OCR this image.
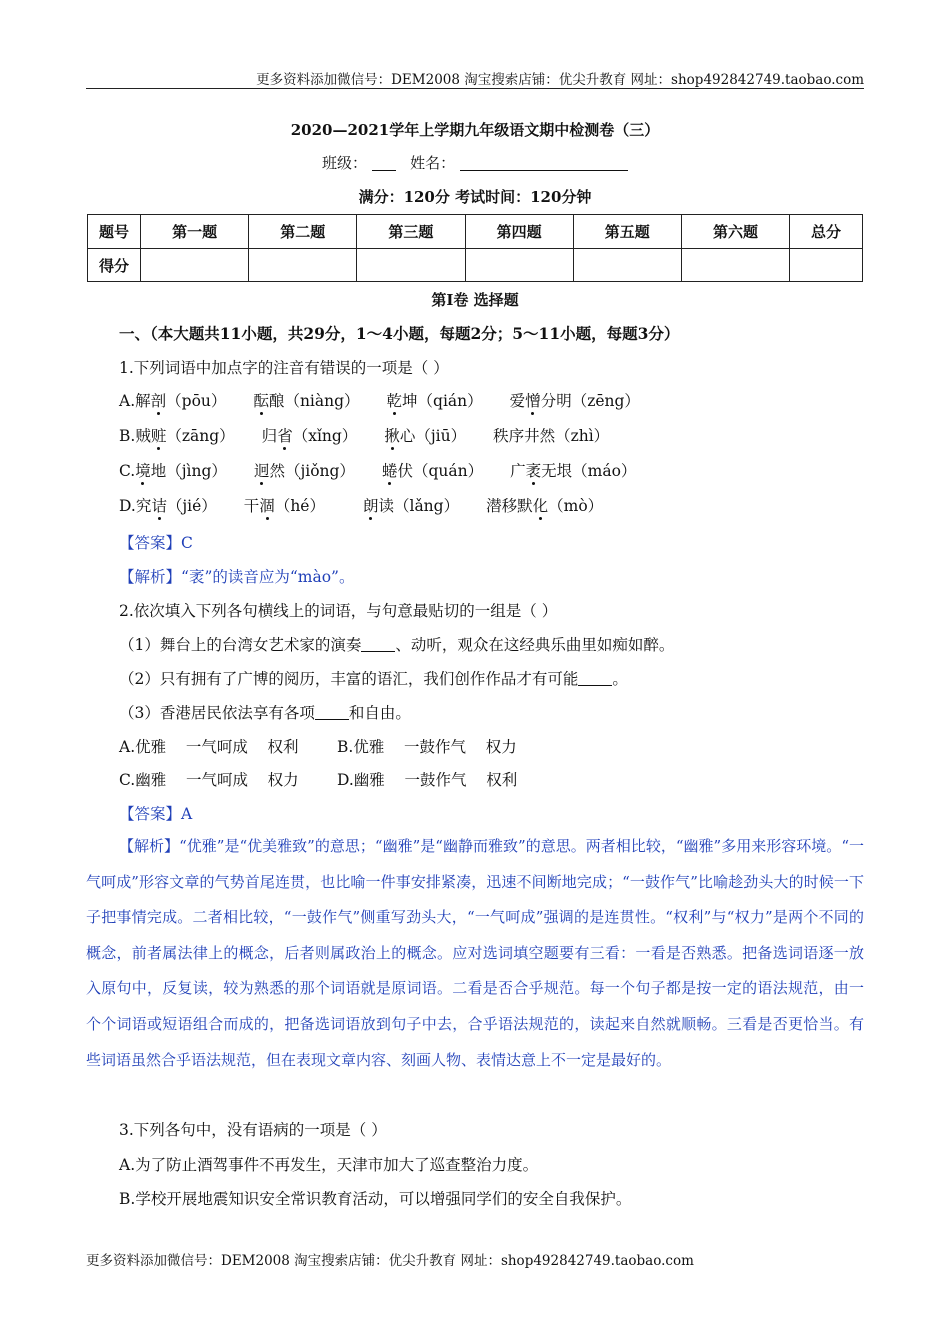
更多资料添加微信号：DEM2008 淘宝搜索店铺：优尖升教育 网址：shop492842749.taobao.com
2020—2021学年上学期九年级语文期中检测卷（三）
班级：	姓名：
满分：120分 考试时间：120分钟
题号	第一题	第二题	第三题	第四题	第五题	第六题	总分
得分							
第Ⅰ卷 选择题
一、（本大题共11小题，共29分，1～4小题，每题2分；5～11小题，每题3分）
1.下列词语中加点字的注音有错误的一项是（ ）
A.解剖（pōu） 酝酿（niàng） 乾坤（qián） 爱憎分明（zēng）
B.贼赃（zāng） 归省（xǐng） 揪心（jiū） 秩序井然（zhì）
C.境地（jìng） 迥然（jiǒng） 蜷伏（quán） 广袤无垠（máo）
D.究诘（jié） 干涸（hé） 朗读（lǎng） 潜移默化（mò）
【答案】C
【解析】“袤”的读音应为“mào”。
2.依次填入下列各句横线上的词语，与句意最贴切的一组是（ ）
（1）舞台上的台湾女艺术家的演奏 、动听，观众在这经典乐曲里如痴如醉。
（2）只有拥有了广博的阅历，丰富的语汇，我们创作作品才有可能 。
（3）香港居民依法享有各项 和自由。
A.优雅    一气呵成    权利 B.优雅    一鼓作气    权力
C.幽雅    一气呵成    权力 D.幽雅    一鼓作气    权利
【答案】A
【解析】“优雅”是“优美雅致”的意思；“幽雅”是“幽静而雅致”的意思。两者相比较，“幽雅”多用来形容环境。“一气呵成”形容文章的气势首尾连贯，也比喻一件事安排紧凑，迅速不间断地完成；“一鼓作气”比喻趁劲头大的时候一下子把事情完成。二者相比较，“一鼓作气”侧重写劲头大，“一气呵成”强调的是连贯性。“权利”与“权力”是两个不同的概念，前者属法律上的概念，后者则属政治上的概念。应对选词填空题要有三看：一看是否熟悉。把备选词语逐一放入原句中，反复读，较为熟悉的那个词语就是原词语。二看是否合乎规范。每一个句子都是按一定的语法规范，由一个个词语或短语组合而成的，把备选词语放到句子中去，合乎语法规范的，读起来自然就顺畅。三看是否更恰当。有些词语虽然合乎语法规范，但在表现文章内容、刻画人物、表情达意上不一定是最好的。
3.下列各句中，没有语病的一项是（ ）
A.为了防止酒驾事件不再发生，天津市加大了巡查整治力度。
B.学校开展地震知识安全常识教育活动，可以增强同学们的安全自我保护。
更多资料添加微信号：DEM2008 淘宝搜索店铺：优尖升教育 网址：shop492842749.taobao.com
